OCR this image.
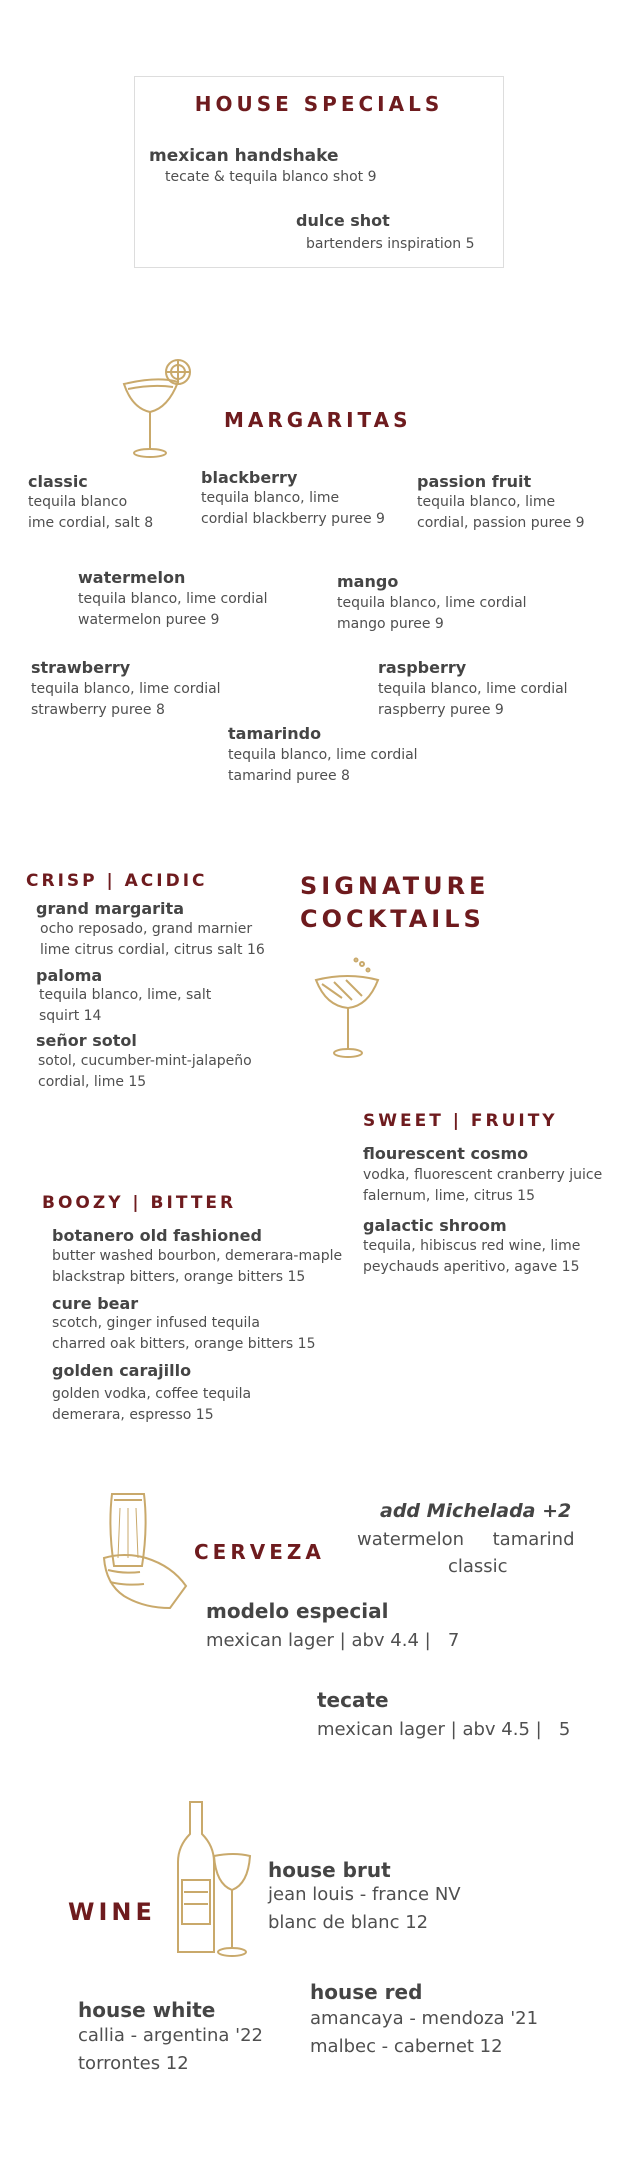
HOUSE SPECIALS
mexican handshake
tecate & tequila blanco shot 9
dulce shot
bartenders inspiration 5
MARGARITAS
classic
tequila blanco
ime cordial, salt 8
blackberry
tequila blanco, lime
cordial blackberry puree 9
passion fruit
tequila blanco, lime
cordial, passion puree 9
watermelon
tequila blanco, lime cordial
watermelon puree 9
mango
tequila blanco, lime cordial
mango puree 9
strawberry
tequila blanco, lime cordial
strawberry puree 8
raspberry
tequila blanco, lime cordial
raspberry puree 9
tamarindo
tequila blanco, lime cordial
tamarind puree 8
CRISP | ACIDIC	SIGNATURE
COCKTAILS
grand margarita
ocho reposado, grand marnier
lime citrus cordial, citrus salt 16
paloma
tequila blanco, lime, salt
squirt 14
señor sotol
sotol, cucumber-mint-jalapeño
cordial, lime 15
SWEET | FRUITY
flourescent cosmo
vodka, fluorescent cranberry juice
falernum, lime, citrus 15
galactic shroom
tequila, hibiscus red wine, lime
peychauds aperitivo, agave 15
BOOZY | BITTER
botanero old fashioned
butter washed bourbon, demerara-maple
blackstrap bitters, orange bitters 15
cure bear
scotch, ginger infused tequila
charred oak bitters, orange bitters 15
golden carajillo
golden vodka, coffee tequila
demerara, espresso 15
CERVEZA
add Michelada +2
watermelon     tamarind
classic
modelo especial
mexican lager | abv 4.4 |   7
tecate
mexican lager | abv 4.5 |   5
WINE
house brut
jean louis - france NV
blanc de blanc 12
house white
callia - argentina '22
torrontes 12
house red
amancaya - mendoza '21
malbec - cabernet 12
